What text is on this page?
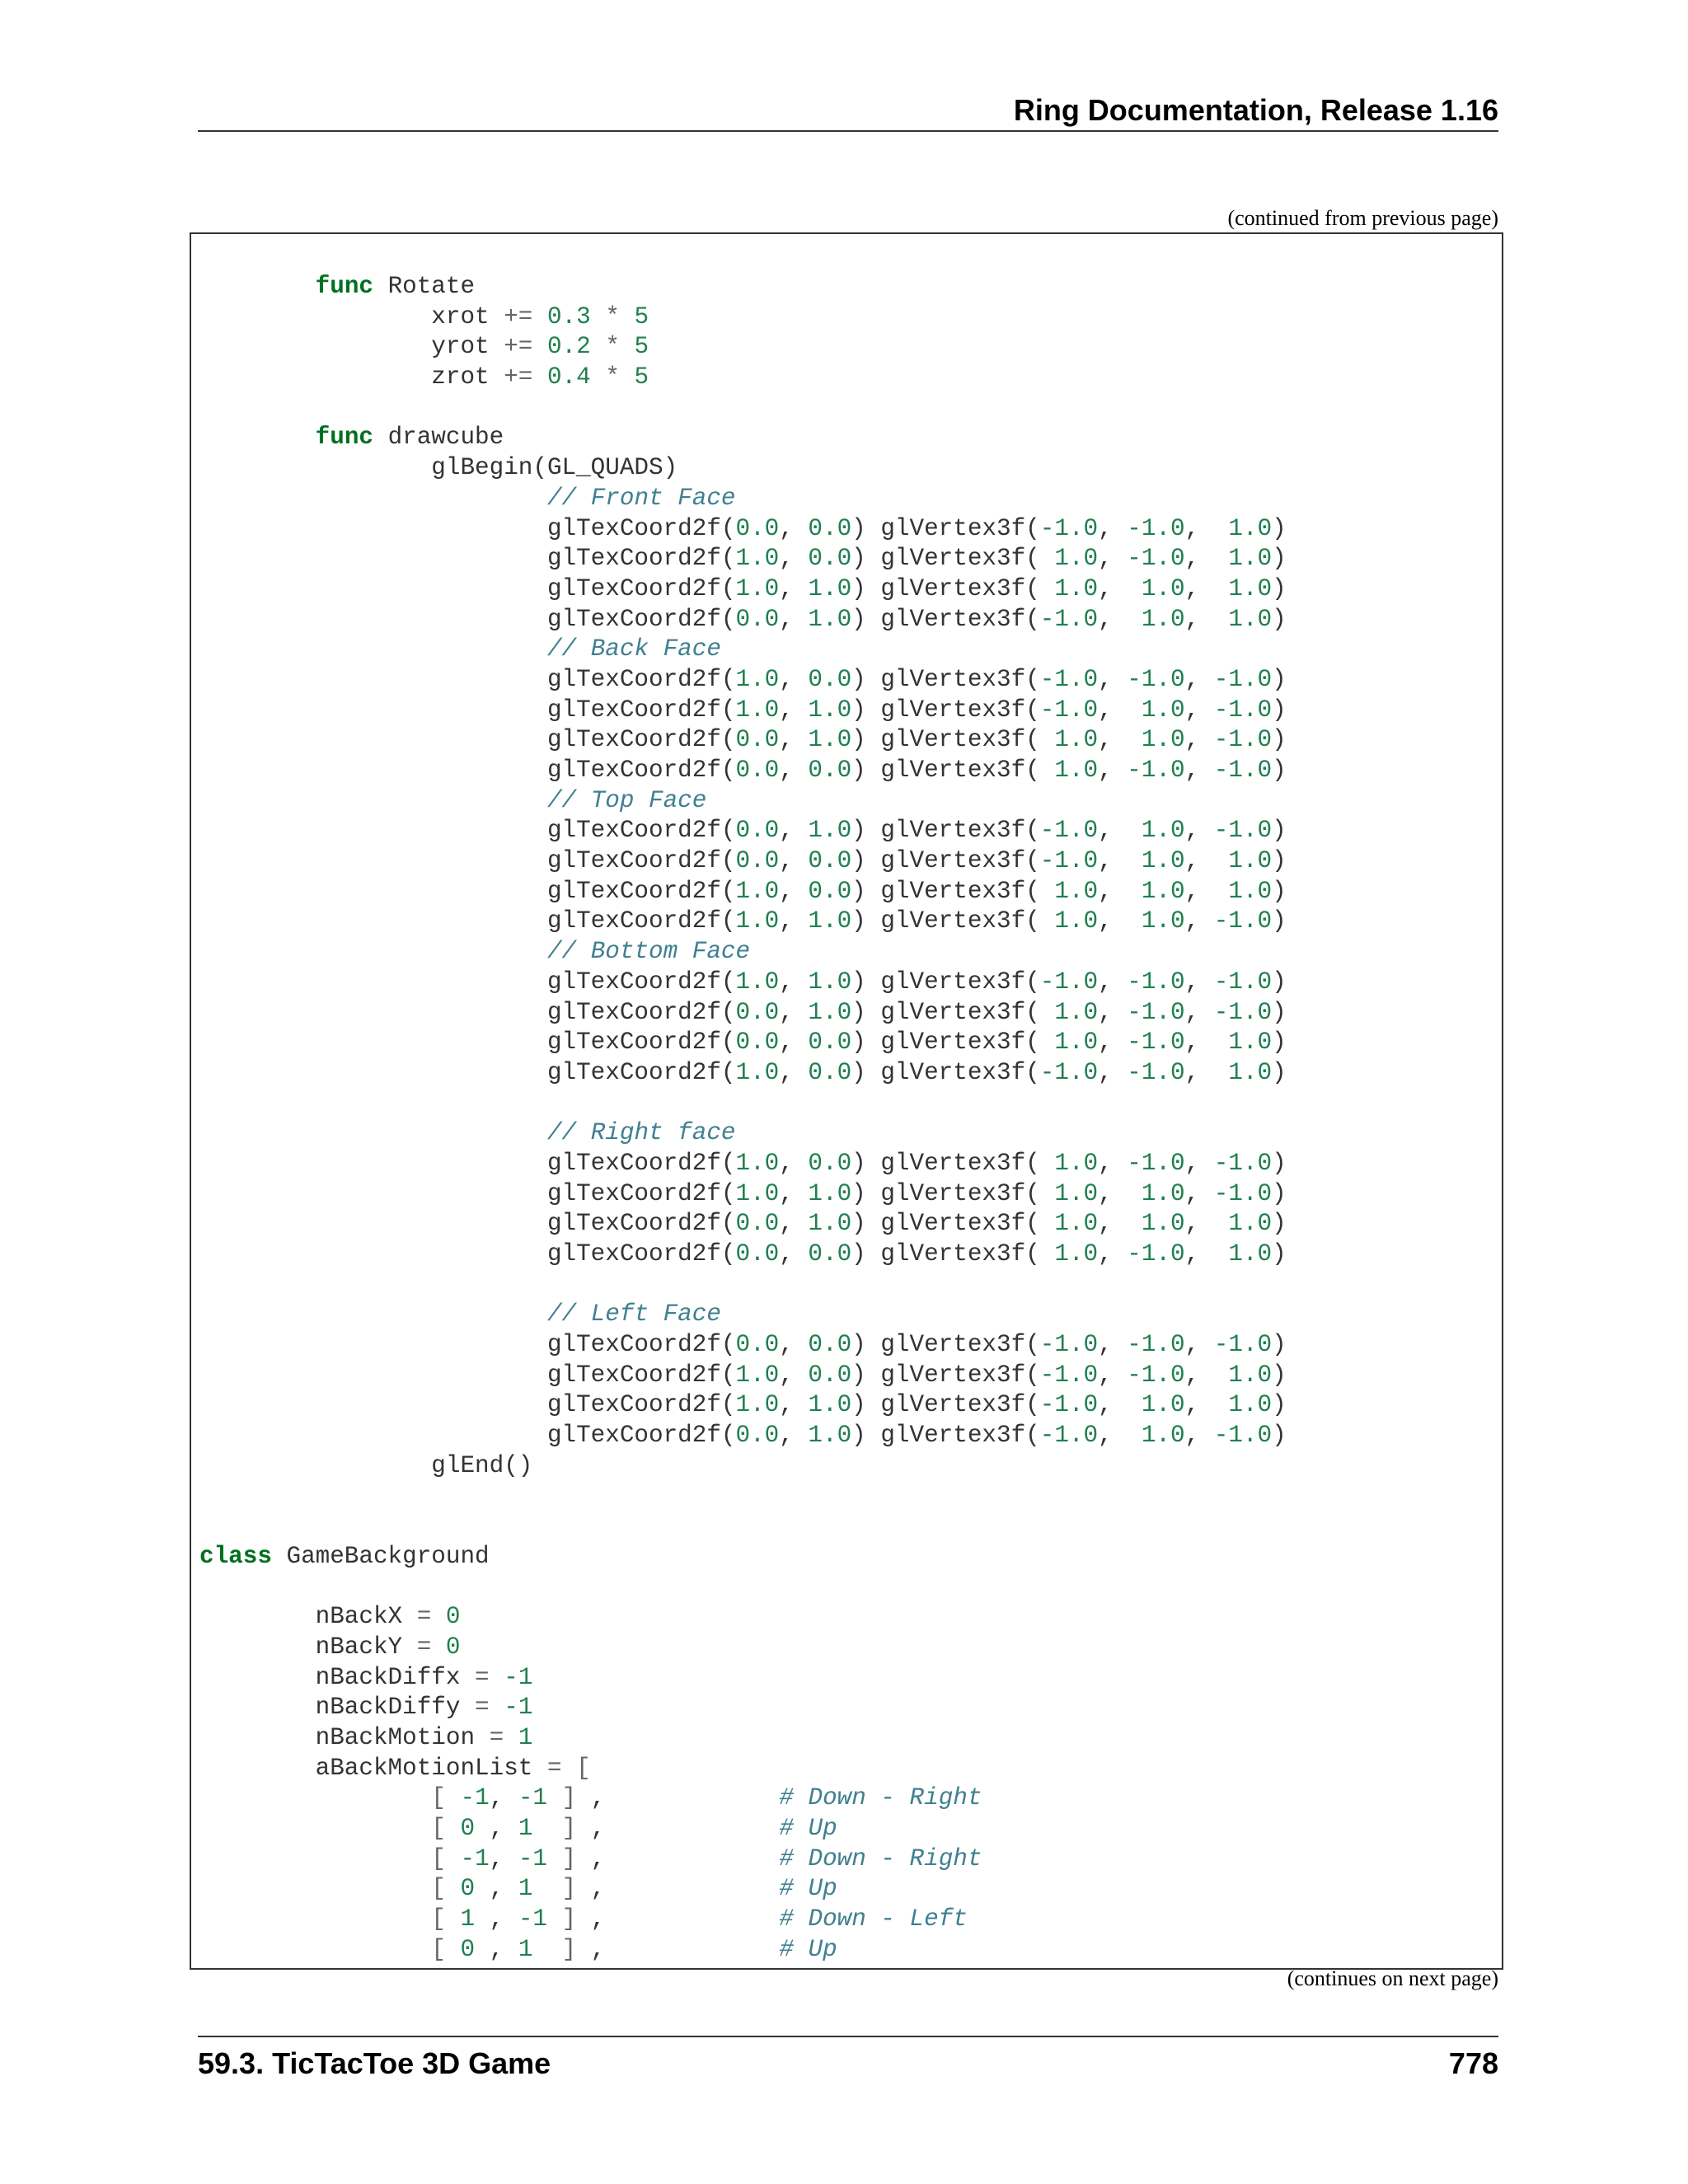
Ring Documentation, Release 1.16
(continued from previous page)
func Rotate
xrot += 0.3 * 5
yrot += 0.2 * 5
zrot += 0.4 * 5
func drawcube
glBegin(GL_QUADS)
// Front Face
glTexCoord2f(0.0, 0.0) glVertex3f(-1.0, -1.0,  1.0)
glTexCoord2f(1.0, 0.0) glVertex3f( 1.0, -1.0,  1.0)
glTexCoord2f(1.0, 1.0) glVertex3f( 1.0,  1.0,  1.0)
glTexCoord2f(0.0, 1.0) glVertex3f(-1.0,  1.0,  1.0)
// Back Face
glTexCoord2f(1.0, 0.0) glVertex3f(-1.0, -1.0, -1.0)
glTexCoord2f(1.0, 1.0) glVertex3f(-1.0,  1.0, -1.0)
glTexCoord2f(0.0, 1.0) glVertex3f( 1.0,  1.0, -1.0)
glTexCoord2f(0.0, 0.0) glVertex3f( 1.0, -1.0, -1.0)
// Top Face
glTexCoord2f(0.0, 1.0) glVertex3f(-1.0,  1.0, -1.0)
glTexCoord2f(0.0, 0.0) glVertex3f(-1.0,  1.0,  1.0)
glTexCoord2f(1.0, 0.0) glVertex3f( 1.0,  1.0,  1.0)
glTexCoord2f(1.0, 1.0) glVertex3f( 1.0,  1.0, -1.0)
// Bottom Face
glTexCoord2f(1.0, 1.0) glVertex3f(-1.0, -1.0, -1.0)
glTexCoord2f(0.0, 1.0) glVertex3f( 1.0, -1.0, -1.0)
glTexCoord2f(0.0, 0.0) glVertex3f( 1.0, -1.0,  1.0)
glTexCoord2f(1.0, 0.0) glVertex3f(-1.0, -1.0,  1.0)
// Right face
glTexCoord2f(1.0, 0.0) glVertex3f( 1.0, -1.0, -1.0)
glTexCoord2f(1.0, 1.0) glVertex3f( 1.0,  1.0, -1.0)
glTexCoord2f(0.0, 1.0) glVertex3f( 1.0,  1.0,  1.0)
glTexCoord2f(0.0, 0.0) glVertex3f( 1.0, -1.0,  1.0)
// Left Face
glTexCoord2f(0.0, 0.0) glVertex3f(-1.0, -1.0, -1.0)
glTexCoord2f(1.0, 0.0) glVertex3f(-1.0, -1.0,  1.0)
glTexCoord2f(1.0, 1.0) glVertex3f(-1.0,  1.0,  1.0)
glTexCoord2f(0.0, 1.0) glVertex3f(-1.0,  1.0, -1.0)
glEnd()
class GameBackground
nBackX = 0
nBackY = 0
nBackDiffx = -1
nBackDiffy = -1
nBackMotion = 1
aBackMotionList = [
[ -1, -1 ] ,            # Down - Right
[ 0 , 1 ] ,            # Up
[ -1, -1 ] ,            # Down - Right
[ 0 , 1 ] ,            # Up
[ 1 , -1 ] ,            # Down - Left
[ 0 , 1 ] ,            # Up
(continues on next page)
59.3. TicTacToe 3D Game	778
